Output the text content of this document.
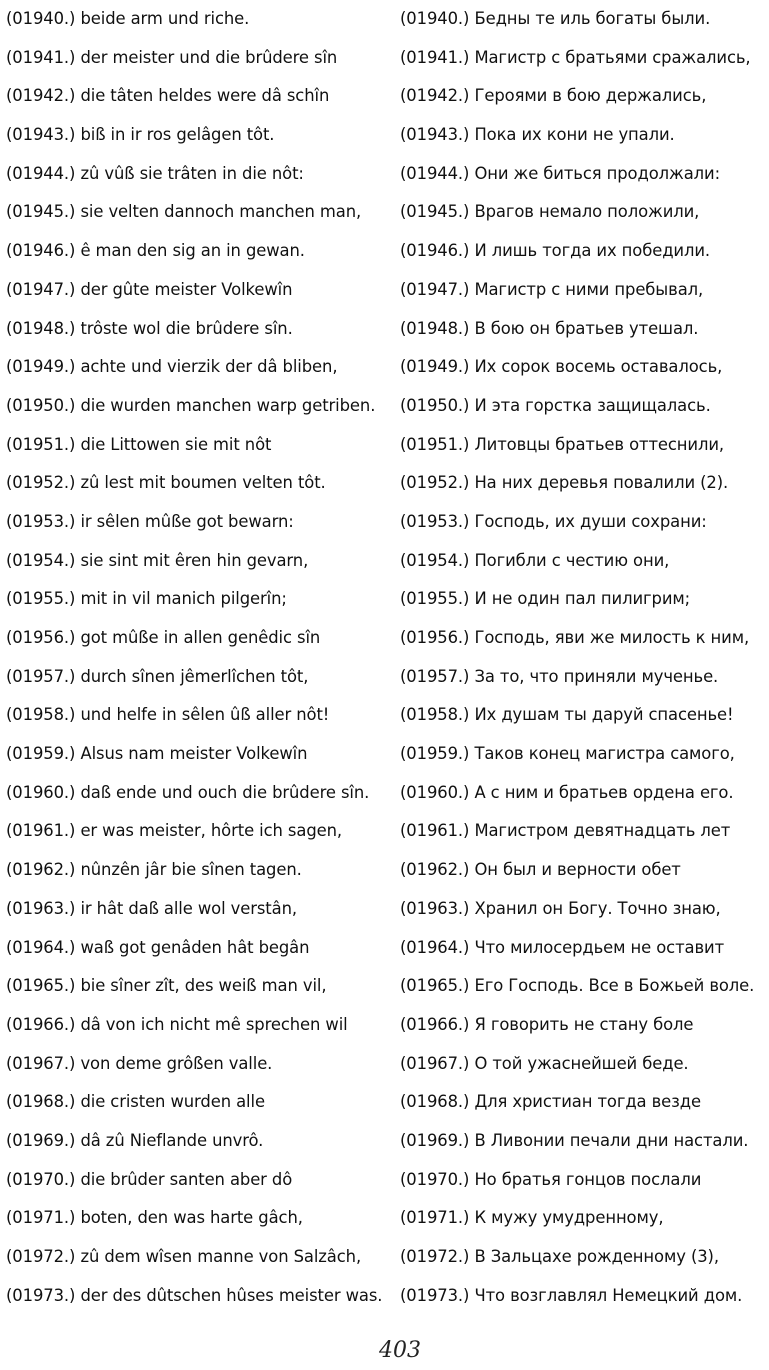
(01940.) beide arm und riche.
(01941.) der meister und die brûdere sîn
(01942.) die tâten heldes were dâ schîn
(01943.) biß in ir ros gelâgen tôt.
(01944.) zû vûß sie trâten in die nôt:
(01945.) sie velten dannoch manchen man,
(01946.) ê man den sig an in gewan.
(01947.) der gûte meister Volkewîn
(01948.) trôste wol die brûdere sîn.
(01949.) achte und vierzik der dâ bliben,
(01950.) die wurden manchen warp getriben.
(01951.) die Littowen sie mit nôt
(01952.) zû lest mit boumen velten tôt.
(01953.) ir sêlen mûße got bewarn:
(01954.) sie sint mit êren hin gevarn,
(01955.) mit in vil manich pilgerîn;
(01956.) got mûße in allen genêdic sîn
(01957.) durch sînen jêmerlîchen tôt,
(01958.) und helfe in sêlen ûß aller nôt!
(01959.) Alsus nam meister Volkewîn
(01960.) daß ende und ouch die brûdere sîn.
(01961.) er was meister, hôrte ich sagen,
(01962.) nûnzên jâr bie sînen tagen.
(01963.) ir hât daß alle wol verstân,
(01964.) waß got genâden hât begân
(01965.) bie sîner zît, des weiß man vil,
(01966.) dâ von ich nicht mê sprechen wil
(01967.) von deme grôßen valle.
(01968.) die cristen wurden alle
(01969.) dâ zû Nieflande unvrô.
(01970.) die brûder santen aber dô
(01971.) boten, den was harte gâch,
(01972.) zû dem wîsen manne von Salzâch,
(01973.) der des dûtschen hûses meister was.
(01940.) Бедны те иль богаты были.
(01941.) Магистр с братьями сражались,
(01942.) Героями в бою держались,
(01943.) Пока их кони не упали.
(01944.) Они же биться продолжали:
(01945.) Врагов немало положили,
(01946.) И лишь тогда их победили.
(01947.) Магистр с ними пребывал,
(01948.) В бою он братьев утешал.
(01949.) Их сорок восемь оставалось,
(01950.) И эта горстка защищалась.
(01951.) Литовцы братьев оттеснили,
(01952.) На них деревья повалили (2).
(01953.) Господь, их души сохрани:
(01954.) Погибли с честию они,
(01955.) И не один пал пилигрим;
(01956.) Господь, яви же милость к ним,
(01957.) За то, что приняли мученье.
(01958.) Их душам ты даруй спасенье!
(01959.) Таков конец магистра самого,
(01960.) А с ним и братьев ордена его.
(01961.) Магистром девятнадцать лет
(01962.) Он был и верности обет
(01963.) Хранил он Богу. Точно знаю,
(01964.) Что милосердьем не оставит
(01965.) Его Господь. Все в Божьей воле.
(01966.) Я говорить не стану боле
(01967.) О той ужаснейшей беде.
(01968.) Для христиан тогда везде
(01969.) В Ливонии печали дни настали.
(01970.) Но братья гонцов послали
(01971.) К мужу умудренному,
(01972.) В Зальцахе рожденному (3),
(01973.) Что возглавлял Немецкий дом.
403
